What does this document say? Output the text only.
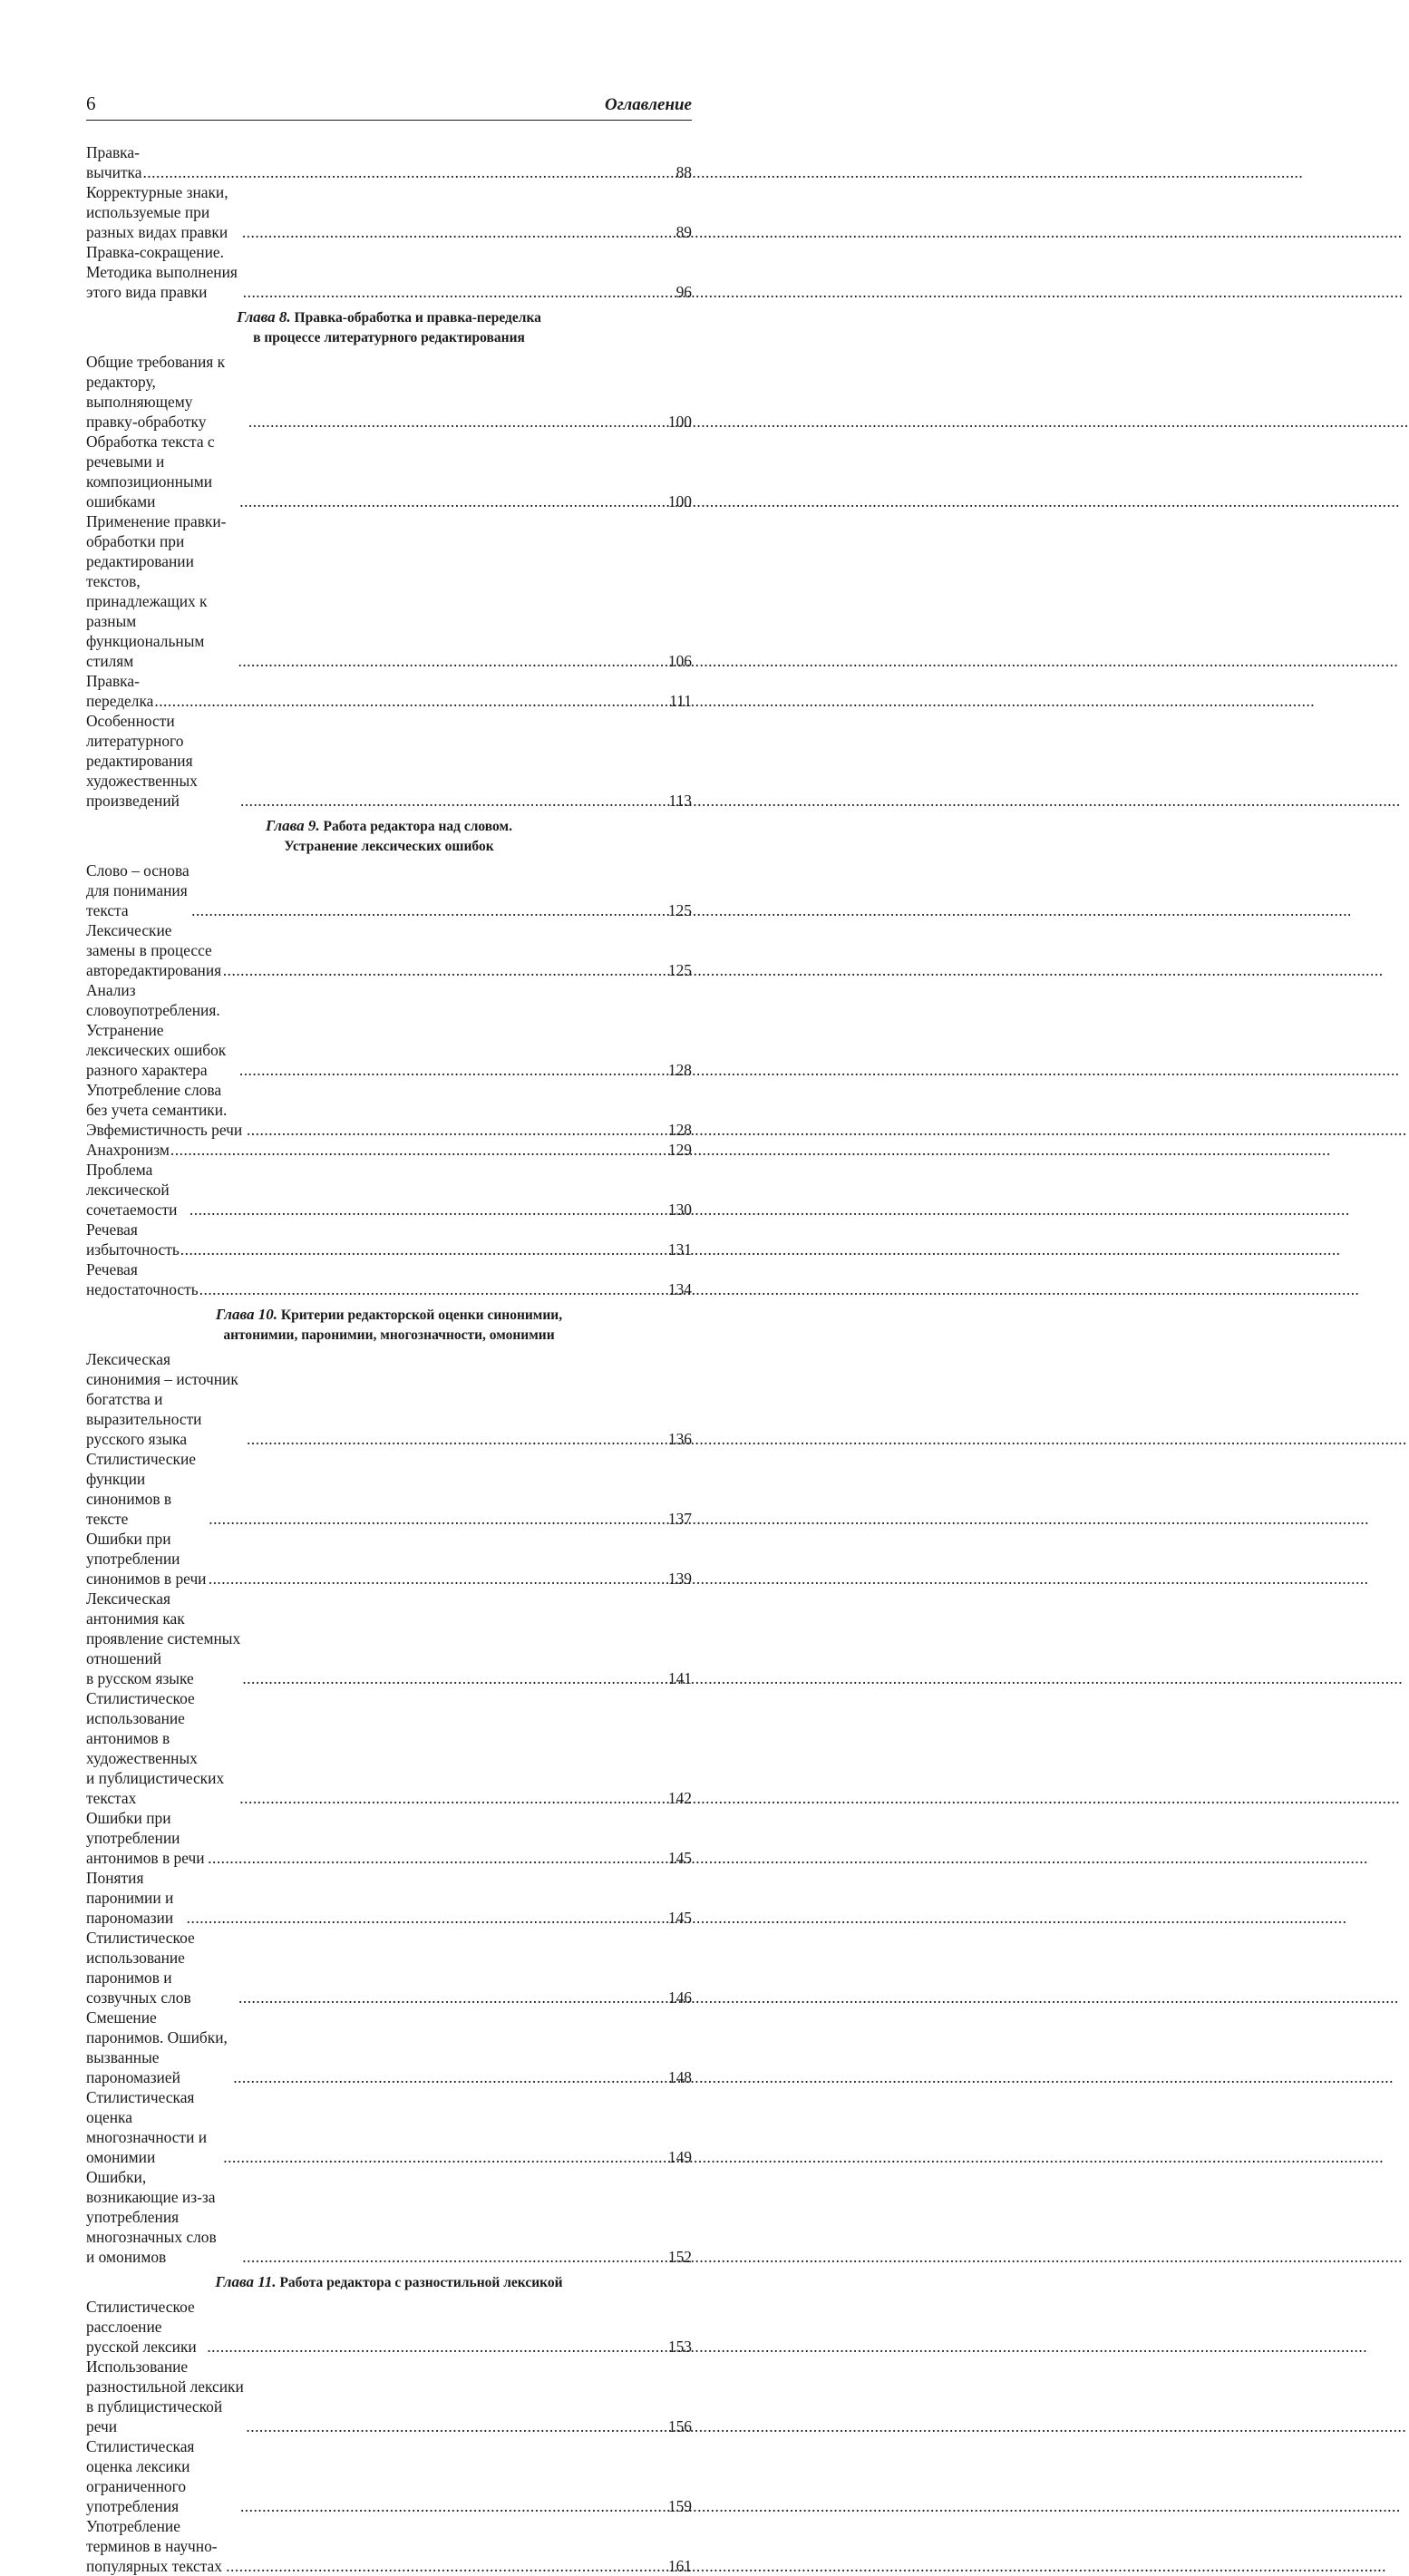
6	Оглавление
Правка-вычитка .....	88
Корректурные знаки, используемые при разных видах правки .....	89
Правка-сокращение. Методика выполнения этого вида правки .....	96
Глава 8. Правка-обработка и правка-переделка
в процессе литературного редактирования
Общие требования к редактору, выполняющему правку-обработку .....	100
Обработка текста с речевыми и композиционными ошибками .....	100
Применение правки-обработки при редактировании текстов,
принадлежащих к разным функциональным стилям .....	106
Правка-переделка .....	111
Особенности литературного редактирования художественных
произведений .....	113
Глава 9. Работа редактора над словом.
Устранение лексических ошибок
Слово – основа для понимания текста .....	125
Лексические замены в процессе авторедактирования .....	125
Анализ словоупотребления. Устранение лексических ошибок
разного характера .....	128
Употребление слова без учета семантики. Эвфемистичность речи .....	128
Анахронизм .....	129
Проблема лексической сочетаемости .....	130
Речевая избыточность .....	131
Речевая недостаточность .....	134
Глава 10. Критерии редакторской оценки синонимии,
антонимии, паронимии, многозначности, омонимии
Лексическая синонимия – источник богатства и выразительности
русского языка .....	136
Стилистические функции синонимов в тексте .....	137
Ошибки при употреблении синонимов в речи .....	139
Лексическая антонимия как проявление системных отношений
в русском языке .....	141
Стилистическое использование антонимов в художественных
и публицистических текстах .....	142
Ошибки при употреблении антонимов в речи .....	145
Понятия паронимии и парономазии .....	145
Стилистическое использование паронимов и созвучных слов .....	146
Смешение паронимов. Ошибки, вызванные парономазией .....	148
Стилистическая оценка многозначности и омонимии .....	149
Ошибки, возникающие из-за употребления многозначных слов
и омонимов .....	152
Глава 11. Работа редактора с разностильной лексикой
Стилистическое расслоение русской лексики .....	153
Использование разностильной лексики в публицистической речи .....	156
Стилистическая оценка лексики ограниченного употребления .....	159
Употребление терминов в научно-популярных текстах .....	161
